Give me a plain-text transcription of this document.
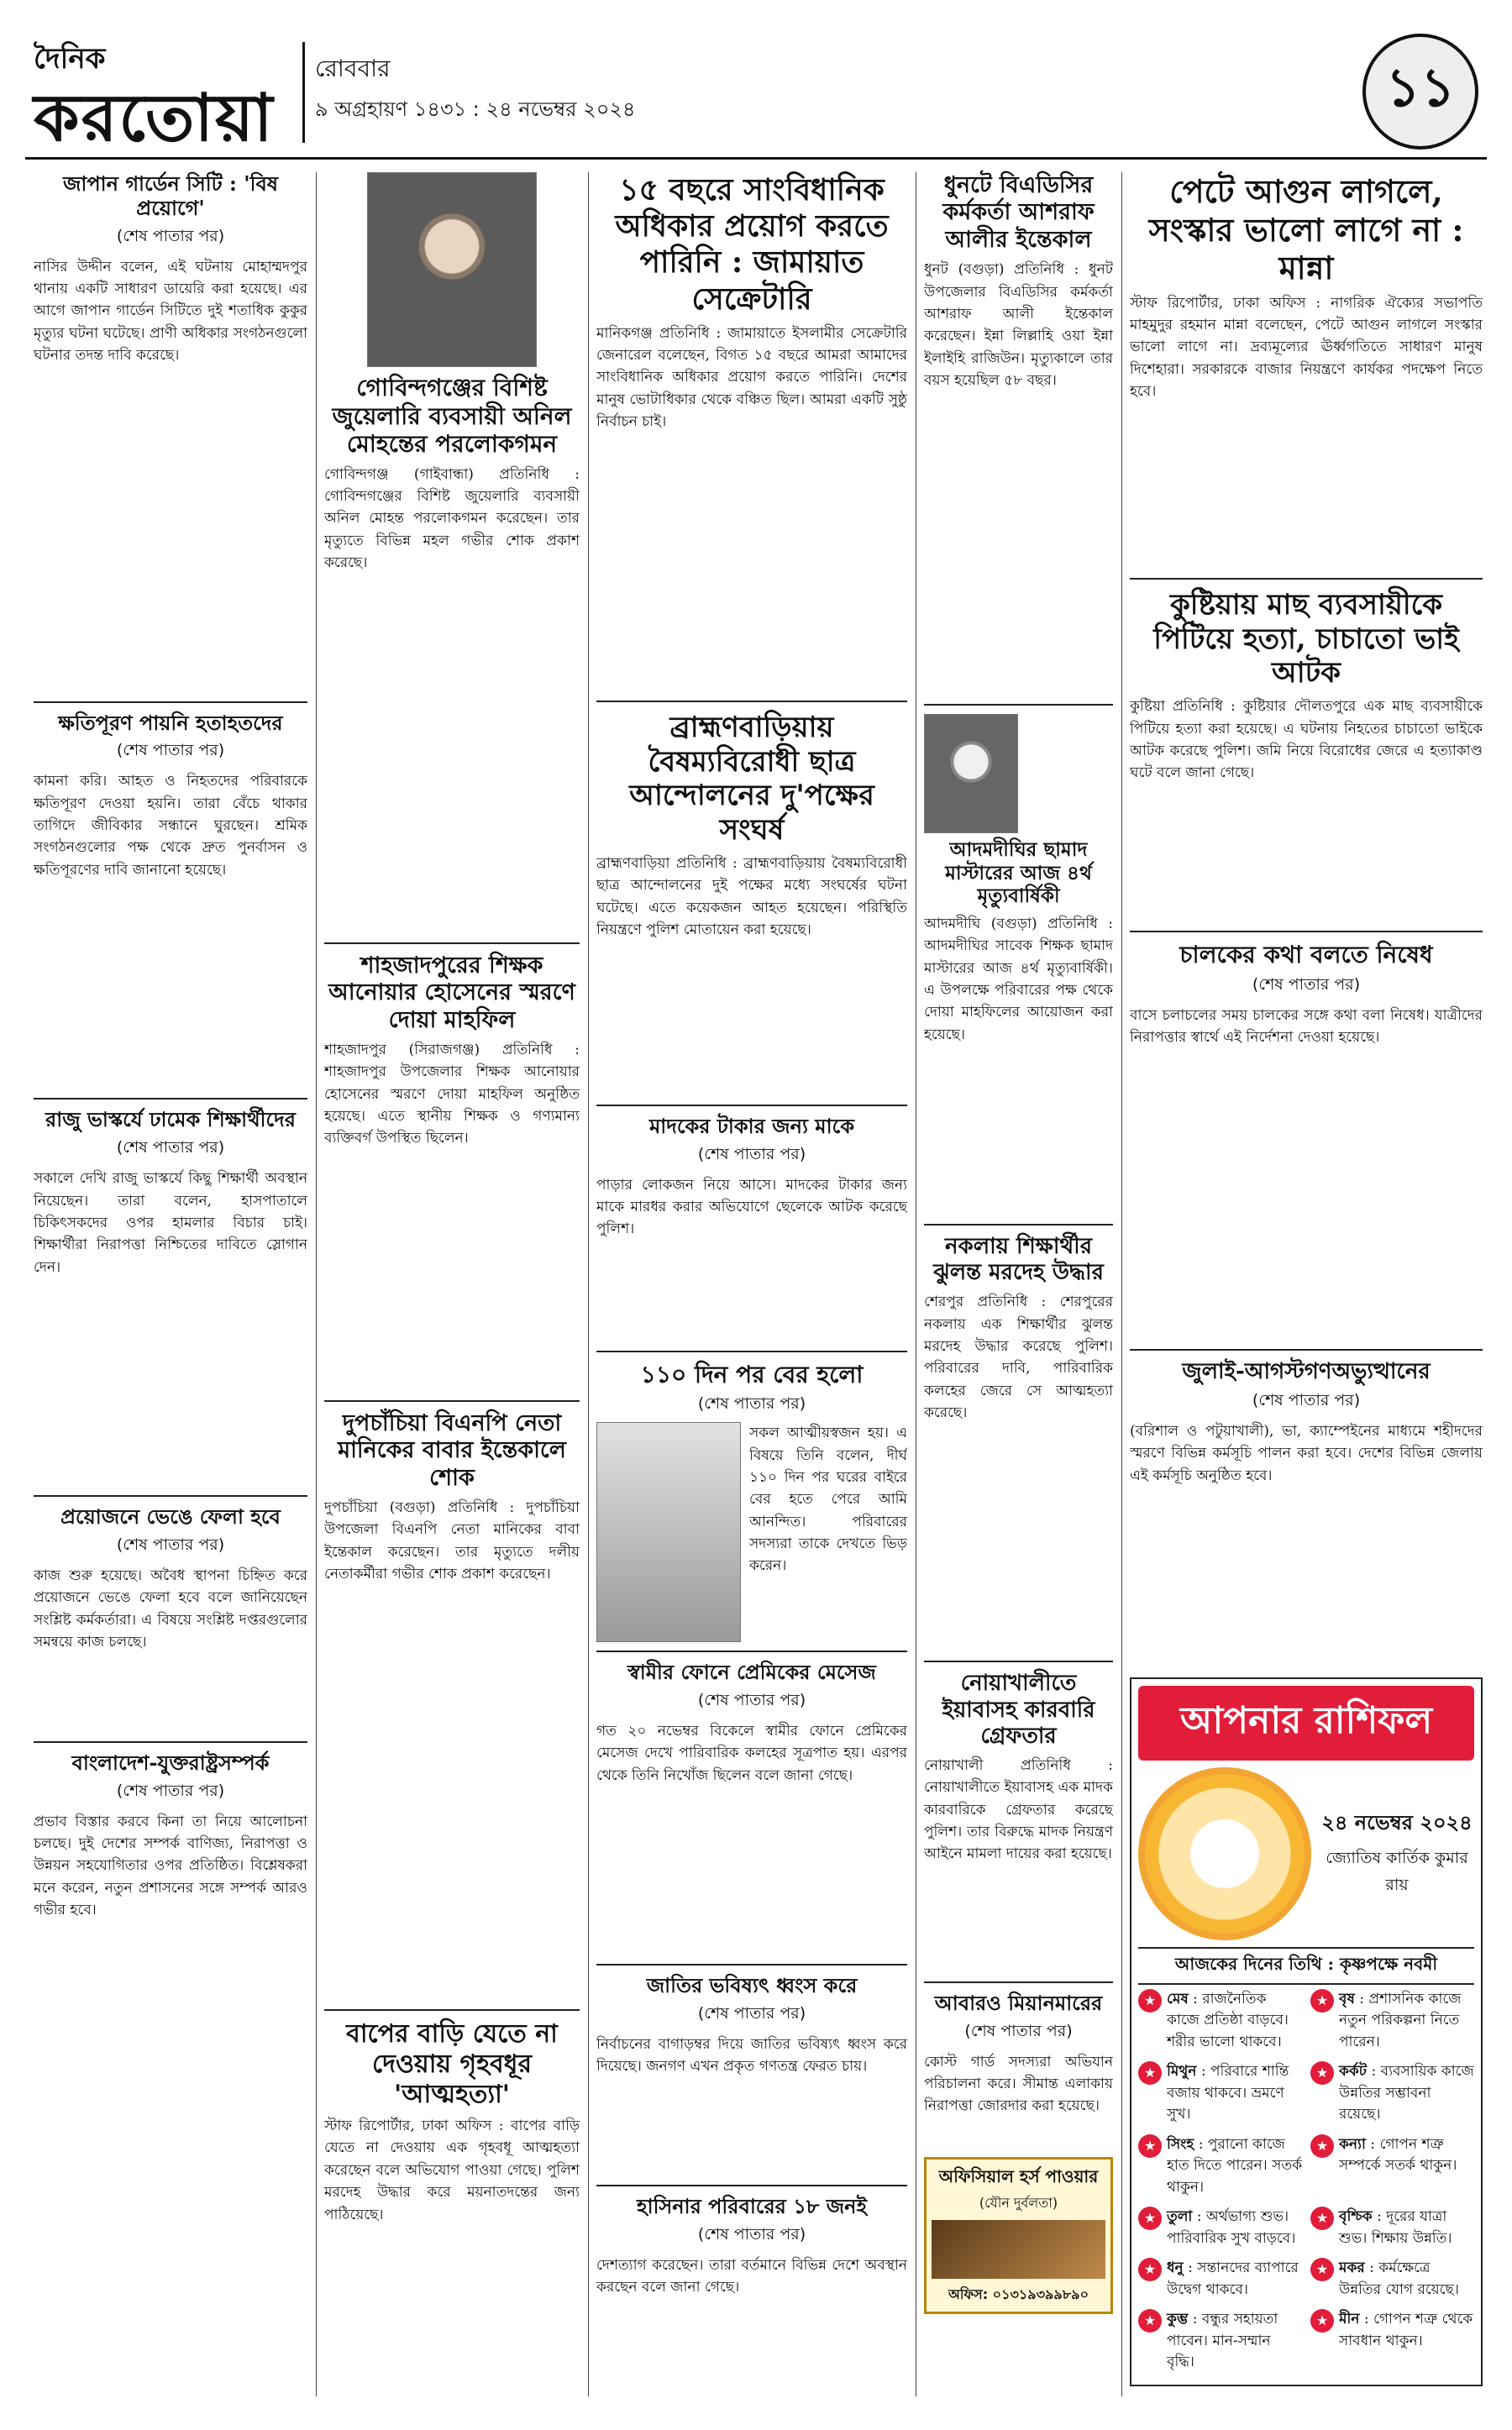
দৈনিক
করতোয়া
রোববার
৯ অগ্রহায়ণ ১৪৩১ : ২৪ নভেম্বর ২০২৪	১১
জাপান গার্ডেন সিটি : 'বিষ প্রয়োগে'
(শেষ পাতার পর)

নাসির উদ্দীন বলেন, এই ঘটনায় মোহাম্মদপুর থানায় একটি সাধারণ ডায়েরি করা হয়েছে। এর আগে জাপান গার্ডেন সিটিতে দুই শতাধিক কুকুর মৃত্যুর ঘটনা ঘটেছে। প্রাণী অধিকার সংগঠনগুলো ঘটনার তদন্ত দাবি করেছে।

ক্ষতিপূরণ পায়নি হতাহতদের
(শেষ পাতার পর)

কামনা করি। আহত ও নিহতদের পরিবারকে ক্ষতিপূরণ দেওয়া হয়নি। তারা বেঁচে থাকার তাগিদে জীবিকার সন্ধানে ঘুরছেন। শ্রমিক সংগঠনগুলোর পক্ষ থেকে দ্রুত পুনর্বাসন ও ক্ষতিপূরণের দাবি জানানো হয়েছে।

রাজু ভাস্কর্যে ঢামেক শিক্ষার্থীদের
(শেষ পাতার পর)

সকালে দেখি রাজু ভাস্কর্যে কিছু শিক্ষার্থী অবস্থান নিয়েছেন। তারা বলেন, হাসপাতালে চিকিৎসকদের ওপর হামলার বিচার চাই। শিক্ষার্থীরা নিরাপত্তা নিশ্চিতের দাবিতে স্লোগান দেন।

প্রয়োজনে ভেঙে ফেলা হবে
(শেষ পাতার পর)

কাজ শুরু হয়েছে। অবৈধ স্থাপনা চিহ্নিত করে প্রয়োজনে ভেঙে ফেলা হবে বলে জানিয়েছেন সংশ্লিষ্ট কর্মকর্তারা। এ বিষয়ে সংশ্লিষ্ট দপ্তরগুলোর সমন্বয়ে কাজ চলছে।

বাংলাদেশ-যুক্তরাষ্ট্রসম্পর্ক
(শেষ পাতার পর)

প্রভাব বিস্তার করবে কিনা তা নিয়ে আলোচনা চলছে। দুই দেশের সম্পর্ক বাণিজ্য, নিরাপত্তা ও উন্নয়ন সহযোগিতার ওপর প্রতিষ্ঠিত। বিশ্লেষকরা মনে করেন, নতুন প্রশাসনের সঙ্গে সম্পর্ক আরও গভীর হবে।

গোবিন্দগঞ্জের বিশিষ্ট জুয়েলারি ব্যবসায়ী অনিল মোহন্তের পরলোকগমন

গোবিন্দগঞ্জ (গাইবান্ধা) প্রতিনিধি : গোবিন্দগঞ্জের বিশিষ্ট জুয়েলারি ব্যবসায়ী অনিল মোহন্ত পরলোকগমন করেছেন। তার মৃত্যুতে বিভিন্ন মহল গভীর শোক প্রকাশ করেছে।

শাহজাদপুরের শিক্ষক আনোয়ার হোসেনের স্মরণে দোয়া মাহফিল

শাহজাদপুর (সিরাজগঞ্জ) প্রতিনিধি : শাহজাদপুর উপজেলার শিক্ষক আনোয়ার হোসেনের স্মরণে দোয়া মাহফিল অনুষ্ঠিত হয়েছে। এতে স্থানীয় শিক্ষক ও গণ্যমান্য ব্যক্তিবর্গ উপস্থিত ছিলেন।

দুপচাঁচিয়া বিএনপি নেতা মানিকের বাবার ইন্তেকালে শোক

দুপচাঁচিয়া (বগুড়া) প্রতিনিধি : দুপচাঁচিয়া উপজেলা বিএনপি নেতা মানিকের বাবা ইন্তেকাল করেছেন। তার মৃত্যুতে দলীয় নেতাকর্মীরা গভীর শোক প্রকাশ করেছেন।

বাপের বাড়ি যেতে না দেওয়ায় গৃহবধূর 'আত্মহত্যা'

স্টাফ রিপোর্টার, ঢাকা অফিস : বাপের বাড়ি যেতে না দেওয়ায় এক গৃহবধূ আত্মহত্যা করেছেন বলে অভিযোগ পাওয়া গেছে। পুলিশ মরদেহ উদ্ধার করে ময়নাতদন্তের জন্য পাঠিয়েছে।

১৫ বছরে সাংবিধানিক অধিকার প্রয়োগ করতে পারিনি : জামায়াত সেক্রেটারি

মানিকগঞ্জ প্রতিনিধি : জামায়াতে ইসলামীর সেক্রেটারি জেনারেল বলেছেন, বিগত ১৫ বছরে আমরা আমাদের সাংবিধানিক অধিকার প্রয়োগ করতে পারিনি। দেশের মানুষ ভোটাধিকার থেকে বঞ্চিত ছিল। আমরা একটি সুষ্ঠু নির্বাচন চাই।

ব্রাহ্মণবাড়িয়ায় বৈষম্যবিরোধী ছাত্র আন্দোলনের দু'পক্ষের সংঘর্ষ

ব্রাহ্মণবাড়িয়া প্রতিনিধি : ব্রাহ্মণবাড়িয়ায় বৈষম্যবিরোধী ছাত্র আন্দোলনের দুই পক্ষের মধ্যে সংঘর্ষের ঘটনা ঘটেছে। এতে কয়েকজন আহত হয়েছেন। পরিস্থিতি নিয়ন্ত্রণে পুলিশ মোতায়েন করা হয়েছে।

মাদকের টাকার জন্য মাকে
(শেষ পাতার পর)

পাড়ার লোকজন নিয়ে আসে। মাদকের টাকার জন্য মাকে মারধর করার অভিযোগে ছেলেকে আটক করেছে পুলিশ।

১১০ দিন পর বের হলো
(শেষ পাতার পর)

সকল আত্মীয়স্বজন হয়। এ বিষয়ে তিনি বলেন, দীর্ঘ ১১০ দিন পর ঘরের বাইরে বের হতে পেরে আমি আনন্দিত। পরিবারের সদস্যরা তাকে দেখতে ভিড় করেন।

স্বামীর ফোনে প্রেমিকের মেসেজ
(শেষ পাতার পর)

গত ২০ নভেম্বর বিকেলে স্বামীর ফোনে প্রেমিকের মেসেজ দেখে পারিবারিক কলহের সূত্রপাত হয়। এরপর থেকে তিনি নিখোঁজ ছিলেন বলে জানা গেছে।

জাতির ভবিষ্যৎ ধ্বংস করে
(শেষ পাতার পর)

নির্বাচনের বাগাড়ম্বর দিয়ে জাতির ভবিষ্যৎ ধ্বংস করে দিয়েছে। জনগণ এখন প্রকৃত গণতন্ত্র ফেরত চায়।

হাসিনার পরিবারের ১৮ জনই
(শেষ পাতার পর)

দেশত্যাগ করেছেন। তারা বর্তমানে বিভিন্ন দেশে অবস্থান করছেন বলে জানা গেছে।

ধুনটে বিএডিসির কর্মকর্তা আশরাফ আলীর ইন্তেকাল

ধুনট (বগুড়া) প্রতিনিধি : ধুনট উপজেলার বিএডিসির কর্মকর্তা আশরাফ আলী ইন্তেকাল করেছেন। ইন্না লিল্লাহি ওয়া ইন্না ইলাইহি রাজিউন। মৃত্যুকালে তার বয়স হয়েছিল ৫৮ বছর।

আদমদীঘির ছামাদ মাস্টারের আজ ৪র্থ মৃত্যুবার্ষিকী

আদমদীঘি (বগুড়া) প্রতিনিধি : আদমদীঘির সাবেক শিক্ষক ছামাদ মাস্টারের আজ ৪র্থ মৃত্যুবার্ষিকী। এ উপলক্ষে পরিবারের পক্ষ থেকে দোয়া মাহফিলের আয়োজন করা হয়েছে।

নকলায় শিক্ষার্থীর ঝুলন্ত মরদেহ উদ্ধার

শেরপুর প্রতিনিধি : শেরপুরের নকলায় এক শিক্ষার্থীর ঝুলন্ত মরদেহ উদ্ধার করেছে পুলিশ। পরিবারের দাবি, পারিবারিক কলহের জেরে সে আত্মহত্যা করেছে।

নোয়াখালীতে ইয়াবাসহ কারবারি গ্রেফতার

নোয়াখালী প্রতিনিধি : নোয়াখালীতে ইয়াবাসহ এক মাদক কারবারিকে গ্রেফতার করেছে পুলিশ। তার বিরুদ্ধে মাদক নিয়ন্ত্রণ আইনে মামলা দায়ের করা হয়েছে।

আবারও মিয়ানমারের
(শেষ পাতার পর)

কোস্ট গার্ড সদস্যরা অভিযান পরিচালনা করে। সীমান্ত এলাকায় নিরাপত্তা জোরদার করা হয়েছে।

অফিসিয়াল হর্স পাওয়ার
(যৌন দুর্বলতা)
অফিস: ০১৩১৯৩৯৯৮৯০
পেটে আগুন লাগলে, সংস্কার ভালো লাগে না : মান্না

স্টাফ রিপোর্টার, ঢাকা অফিস : নাগরিক ঐক্যের সভাপতি মাহমুদুর রহমান মান্না বলেছেন, পেটে আগুন লাগলে সংস্কার ভালো লাগে না। দ্রব্যমূল্যের ঊর্ধ্বগতিতে সাধারণ মানুষ দিশেহারা। সরকারকে বাজার নিয়ন্ত্রণে কার্যকর পদক্ষেপ নিতে হবে।

কুষ্টিয়ায় মাছ ব্যবসায়ীকে পিটিয়ে হত্যা, চাচাতো ভাই আটক

কুষ্টিয়া প্রতিনিধি : কুষ্টিয়ার দৌলতপুরে এক মাছ ব্যবসায়ীকে পিটিয়ে হত্যা করা হয়েছে। এ ঘটনায় নিহতের চাচাতো ভাইকে আটক করেছে পুলিশ। জমি নিয়ে বিরোধের জেরে এ হত্যাকাণ্ড ঘটে বলে জানা গেছে।

চালকের কথা বলতে নিষেধ
(শেষ পাতার পর)

বাসে চলাচলের সময় চালকের সঙ্গে কথা বলা নিষেধ। যাত্রীদের নিরাপত্তার স্বার্থে এই নির্দেশনা দেওয়া হয়েছে।

জুলাই-আগস্টগণঅভ্যুত্থানের
(শেষ পাতার পর)

(বরিশাল ও পটুয়াখালী), ভা, ক্যাম্পেইনের মাধ্যমে শহীদদের স্মরণে বিভিন্ন কর্মসূচি পালন করা হবে। দেশের বিভিন্ন জেলায় এই কর্মসূচি অনুষ্ঠিত হবে।

আপনার রাশিফল
২৪ নভেম্বর ২০২৪
জ্যোতিষ কার্তিক কুমার রায়
আজকের দিনের তিথি : কৃষ্ণপক্ষে নবমী
★ মেষ : রাজনৈতিক কাজে প্রতিষ্ঠা বাড়বে। শরীর ভালো থাকবে।
★ বৃষ : প্রশাসনিক কাজে নতুন পরিকল্পনা নিতে পারেন।
★ মিথুন : পরিবারে শান্তি বজায় থাকবে। ভ্রমণে সুখ।
★ কর্কট : ব্যবসায়িক কাজে উন্নতির সম্ভাবনা রয়েছে।
★ সিংহ : পুরানো কাজে হাত দিতে পারেন। সতর্ক থাকুন।
★ কন্যা : গোপন শত্রু সম্পর্কে সতর্ক থাকুন।
★ তুলা : অর্থভাগ্য শুভ। পারিবারিক সুখ বাড়বে।
★ বৃশ্চিক : দূরের যাত্রা শুভ। শিক্ষায় উন্নতি।
★ ধনু : সন্তানদের ব্যাপারে উদ্বেগ থাকবে।
★ মকর : কর্মক্ষেত্রে উন্নতির যোগ রয়েছে।
★ কুম্ভ : বন্ধুর সহায়তা পাবেন। মান-সম্মান বৃদ্ধি।
★ মীন : গোপন শত্রু থেকে সাবধান থাকুন।
